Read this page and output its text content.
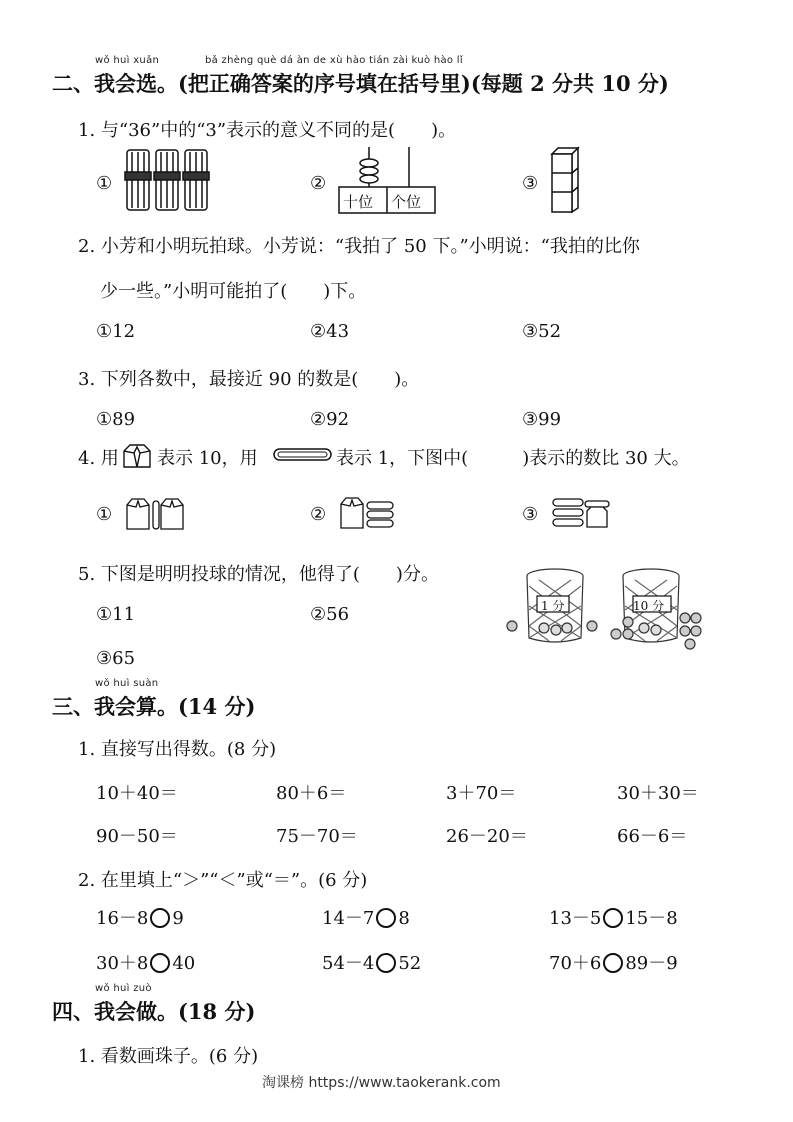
wǒ huì xuǎn	bǎ zhèng què dá àn de xù hào tián zài kuò hào lǐ
二、我会选。(把正确答案的序号填在括号里)(每题 2 分共 10 分)
1. 与“36”中的“3”表示的意义不同的是(　　)。
①	②
十位 个位
③
2. 小芳和小明玩拍球。小芳说：“我拍了 50 下。”小明说：“我拍的比你
少一些。”小明可能拍了(　　)下。
①12	②43	③52
3. 下列各数中，最接近 90 的数是(　　)。
①89	②92	③99
4. 用 表示 10，用	表示 1，下图中(　　　)表示的数比 30 大。
①	②	③
5. 下图是明明投球的情况，他得了(　　)分。
①11	②56
③65
1 分	10 分
wǒ huì suàn
三、我会算。(14 分)
1. 直接写出得数。(8 分)
10＋40＝	80＋6＝	3＋70＝	30＋30＝
90－50＝	75－70＝	26－20＝	66－6＝
2. 在里填上“＞”“＜”或“＝”。(6 分)
16－8 9	14－7 8	13－5 15－8
30＋8 40	54－4 52	70＋6 89－9
wǒ huì zuò
四、我会做。(18 分)
1. 看数画珠子。(6 分)
淘课榜 https://www.taokerank.com
